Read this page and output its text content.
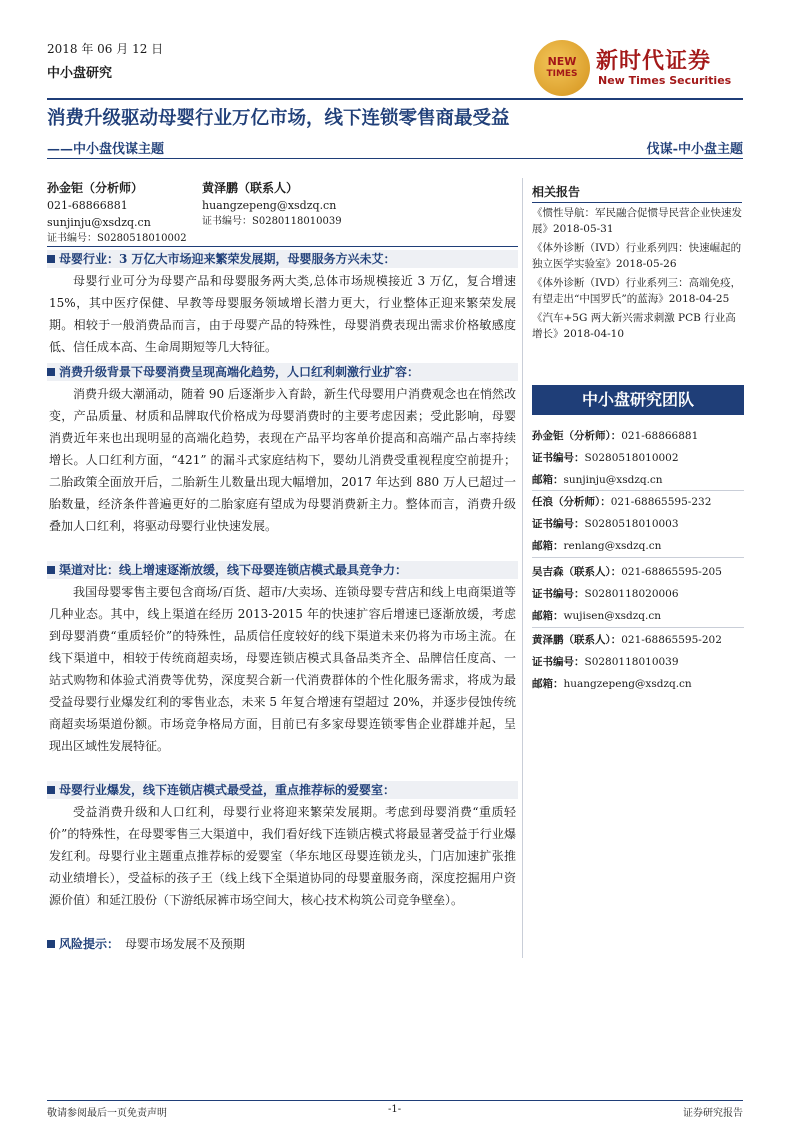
2018 年 06 月 12 日
中小盘研究
NEW
TIMES 新时代证券
New Times Securities
消费升级驱动母婴行业万亿市场，线下连锁零售商最受益
——中小盘伐谋主题	伐谋-中小盘主题
孙金钜（分析师）
021-68866881
sunjinju@xsdzq.cn
证书编号：S0280518010002
黄泽鹏（联系人）
huangzepeng@xsdzq.cn
证书编号：S0280118010039
母婴行业：3 万亿大市场迎来繁荣发展期，母婴服务方兴未艾：

母婴行业可分为母婴产品和母婴服务两大类,总体市场规模接近 3 万亿，复合增速 15%，其中医疗保健、早教等母婴服务领域增长潜力更大，行业整体正迎来繁荣发展期。相较于一般消费品而言，由于母婴产品的特殊性，母婴消费表现出需求价格敏感度低、信任成本高、生命周期短等几大特征。

消费升级背景下母婴消费呈现高端化趋势，人口红利刺激行业扩容：

消费升级大潮涌动，随着 90 后逐渐步入育龄，新生代母婴用户消费观念也在悄然改变，产品质量、材质和品牌取代价格成为母婴消费时的主要考虑因素；受此影响，母婴消费近年来也出现明显的高端化趋势，表现在产品平均客单价提高和高端产品占率持续增长。人口红利方面，“421” 的漏斗式家庭结构下，婴幼儿消费受重视程度空前提升；二胎政策全面放开后，二胎新生儿数量出现大幅增加，2017 年达到 880 万人已超过一胎数量，经济条件普遍更好的二胎家庭有望成为母婴消费新主力。整体而言，消费升级叠加人口红利，将驱动母婴行业快速发展。

渠道对比：线上增速逐渐放缓，线下母婴连锁店模式最具竞争力：

我国母婴零售主要包含商场/百货、超市/大卖场、连锁母婴专营店和线上电商渠道等几种业态。其中，线上渠道在经历 2013-2015 年的快速扩容后增速已逐渐放缓，考虑到母婴消费“重质轻价”的特殊性，品质信任度较好的线下渠道未来仍将为市场主流。在线下渠道中，相较于传统商超卖场，母婴连锁店模式具备品类齐全、品牌信任度高、一站式购物和体验式消费等优势，深度契合新一代消费群体的个性化服务需求，将成为最受益母婴行业爆发红利的零售业态，未来 5 年复合增速有望超过 20%，并逐步侵蚀传统商超卖场渠道份额。市场竞争格局方面，目前已有多家母婴连锁零售企业群雄并起，呈现出区域性发展特征。

母婴行业爆发，线下连锁店模式最受益，重点推荐标的爱婴室：

受益消费升级和人口红利，母婴行业将迎来繁荣发展期。考虑到母婴消费“重质轻价”的特殊性，在母婴零售三大渠道中，我们看好线下连锁店模式将最显著受益于行业爆发红利。母婴行业主题重点推荐标的爱婴室（华东地区母婴连锁龙头，门店加速扩张推动业绩增长），受益标的孩子王（线上线下全渠道协同的母婴童服务商，深度挖掘用户资源价值）和延江股份（下游纸尿裤市场空间大，核心技术构筑公司竞争壁垒）。

风险提示： 母婴市场发展不及预期
相关报告

《惯性导航：军民融合促惯导民营企业快速发展》2018-05-31

《体外诊断（IVD）行业系列四：快速崛起的独立医学实验室》2018-05-26

《体外诊断（IVD）行业系列三：高端免疫，有望走出“中国罗氏”的蓝海》2018-04-25

《汽车+5G 两大新兴需求刺激 PCB 行业高增长》2018-04-10

中小盘研究团队
孙金钜（分析师）： 021-68866881
证书编号： S0280518010002
邮箱： sunjinju@xsdzq.cn
任浪（分析师）： 021-68865595-232
证书编号： S0280518010003
邮箱： renlang@xsdzq.cn
吴吉森（联系人）： 021-68865595-205
证书编号： S0280118020006
邮箱： wujisen@xsdzq.cn
黄泽鹏（联系人）： 021-68865595-202
证书编号： S0280118010039
邮箱： huangzepeng@xsdzq.cn
敬请参阅最后一页免责声明	-1-	证券研究报告
